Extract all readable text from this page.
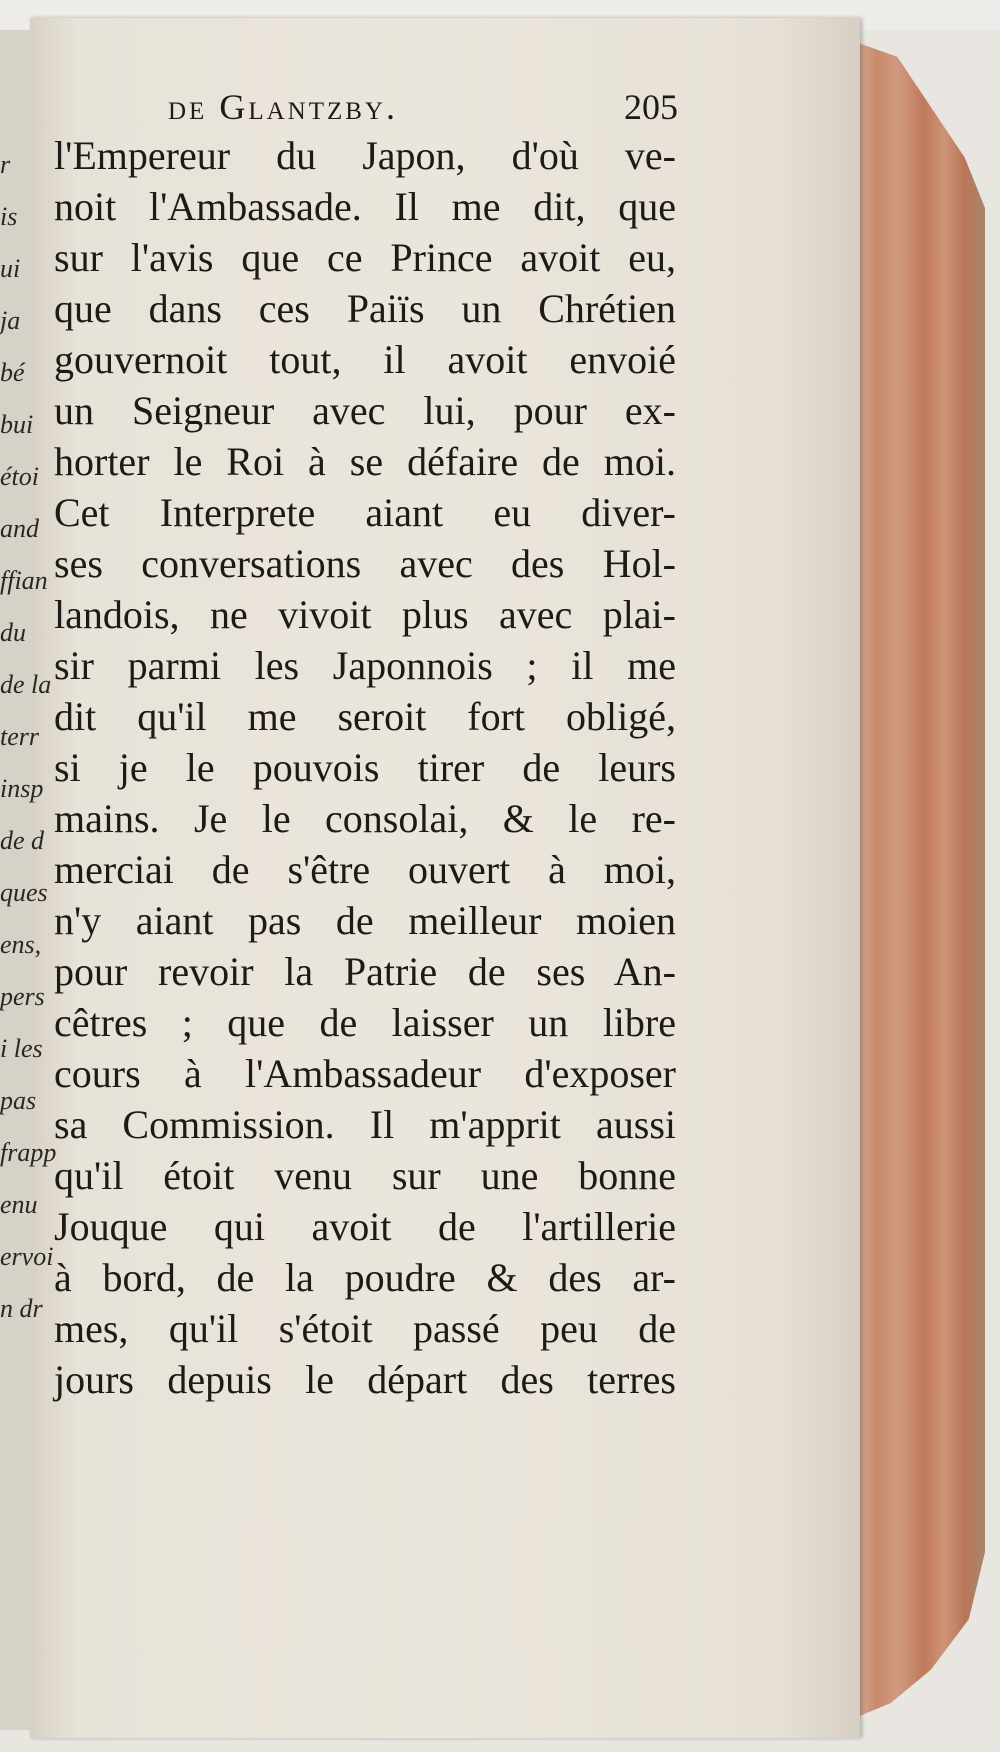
r
is
ui
ja
bé
bui
étoi
and
ffian
du
de la
terr
insp
de d
ques
ens,
pers
i les
pas
frapp
enu
ervoi
n dr
de Glantzby.	205
l'Empereur du Japon, d'où ve-
noit l'Ambassade. Il me dit, que
sur l'avis que ce Prince avoit eu,
que dans ces Paiïs un Chrétien
gouvernoit tout, il avoit envoié
un Seigneur avec lui, pour ex-
horter le Roi à se défaire de moi.
Cet Interprete aiant eu diver-
ses conversations avec des Hol-
landois, ne vivoit plus avec plai-
sir parmi les Japonnois ; il me
dit qu'il me seroit fort obligé,
si je le pouvois tirer de leurs
mains. Je le consolai, & le re-
merciai de s'être ouvert à moi,
n'y aiant pas de meilleur moien
pour revoir la Patrie de ses An-
cêtres ; que de laisser un libre
cours à l'Ambassadeur d'exposer
sa Commission. Il m'apprit aussi
qu'il étoit venu sur une bonne
Jouque qui avoit de l'artillerie
à bord, de la poudre & des ar-
mes, qu'il s'étoit passé peu de
jours depuis le départ des terres
